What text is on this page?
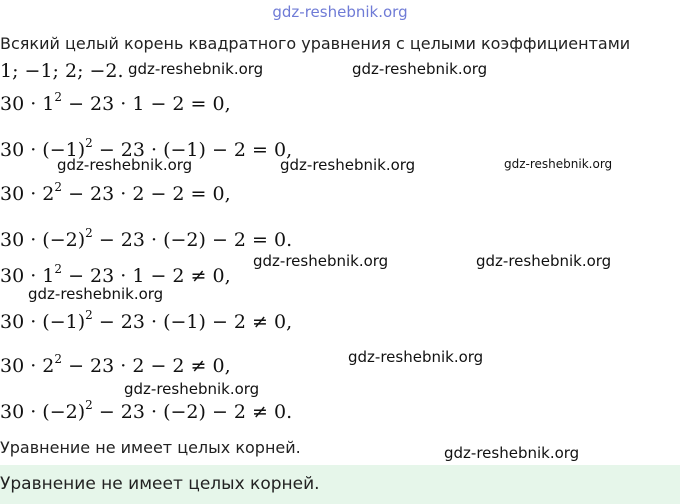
gdz-reshebnik.org
Всякий целый корень квадратного уравнения с целыми коэффициентами
1; −1; 2; −2.
$30 \cdot 1^2 - 23 \cdot 1 - 2 = 0$,
$30 \cdot (-1)^2 - 23 \cdot (-1) - 2 = 0$,
$30 \cdot 2^2 - 23 \cdot 2 - 2 = 0$,
$30 \cdot (-2)^2 - 23 \cdot (-2) - 2 = 0$.
$30 \cdot 1^2 - 23 \cdot 1 - 2 \ne 0$,
$30 \cdot (-1)^2 - 23 \cdot (-1) - 2 \ne 0$,
$30 \cdot 2^2 - 23 \cdot 2 - 2 \ne 0$,
$30 \cdot (-2)^2 - 23 \cdot (-2) - 2 \ne 0$.
gdz-reshebnik.org	gdz-reshebnik.org
gdz-reshebnik.org	gdz-reshebnik.org	gdz-reshebnik.org
gdz-reshebnik.org	gdz-reshebnik.org
gdz-reshebnik.org
gdz-reshebnik.org
gdz-reshebnik.org
gdz-reshebnik.org
Уравнение не имеет целых корней.
Уравнение не имеет целых корней.
